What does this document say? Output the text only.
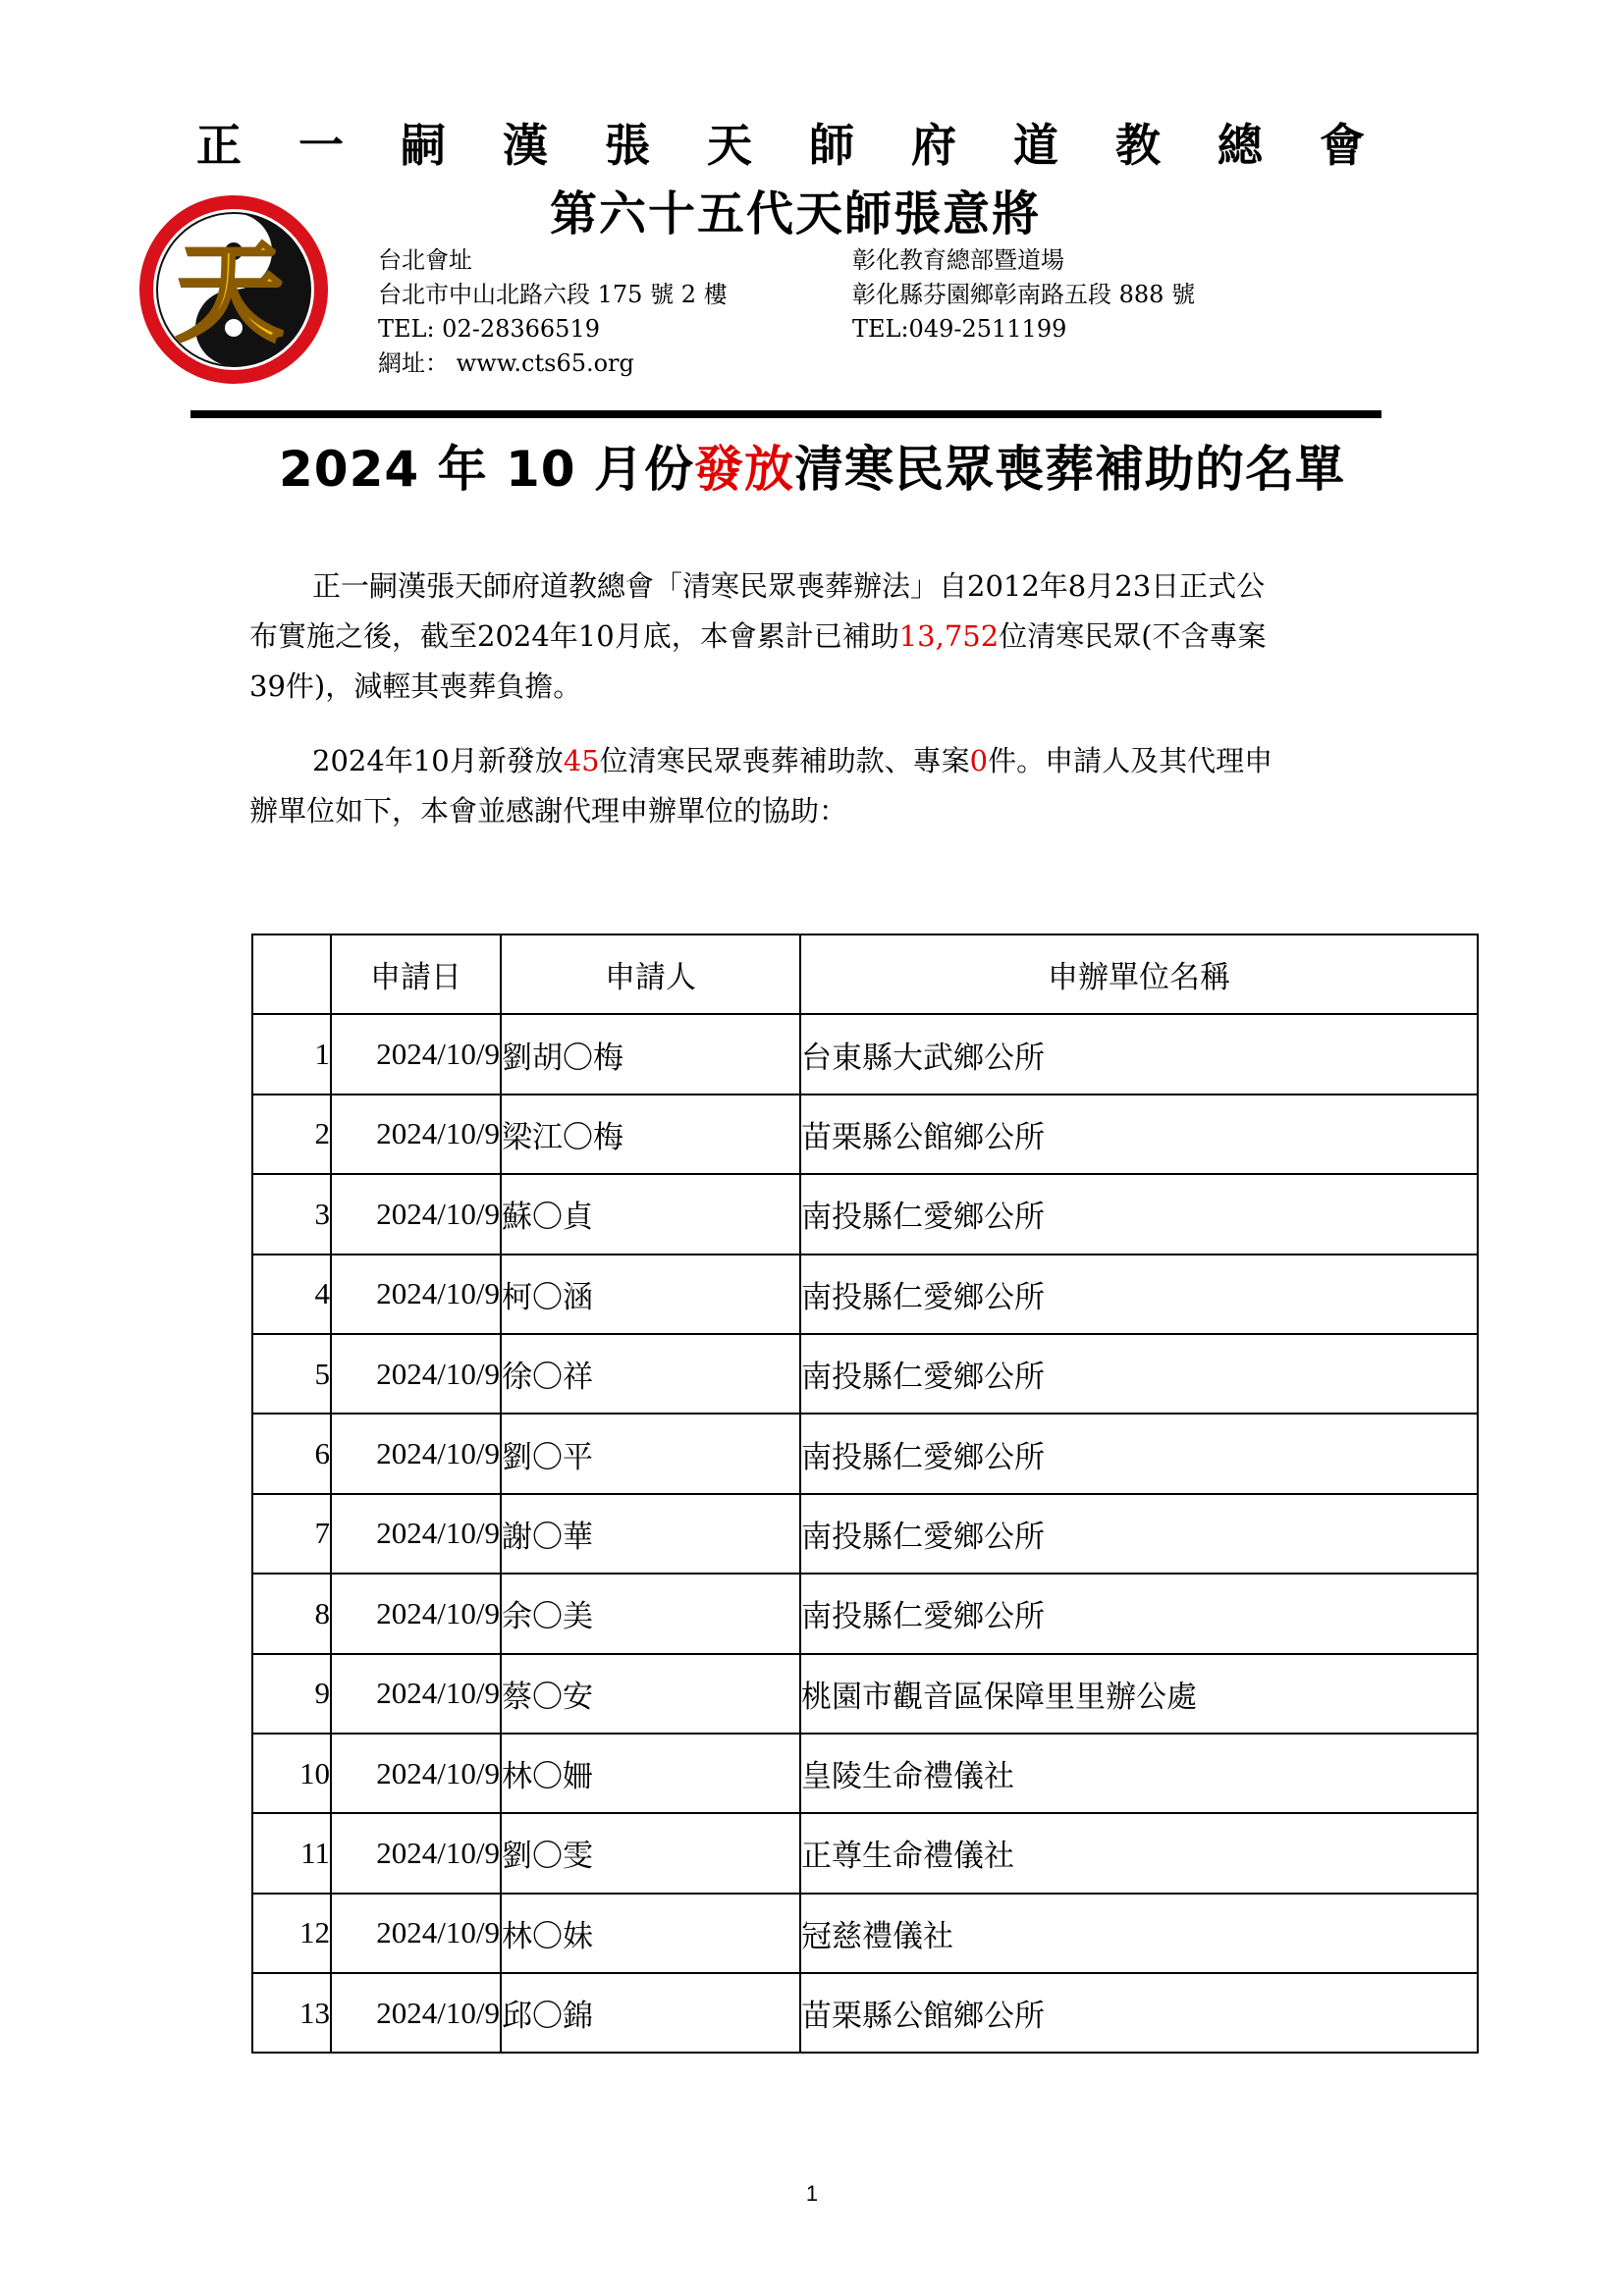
正 一 嗣 漢 張 天 師 府 道 教 總 會
第六十五代天師張意將
天	台北會址
台北市中山北路六段 175 號 2 樓
TEL: 02-28366519
網址： www.cts65.org
彰化教育總部暨道場
彰化縣芬園鄉彰南路五段 888 號
TEL:049-2511199
2024 年 10 月份發放清寒民眾喪葬補助的名單
正一嗣漢張天師府道教總會「清寒民眾喪葬辦法」自2012年8月23日正式公
布實施之後，截至2024年10月底，本會累計已補助13,752位清寒民眾(不含專案
39件)，減輕其喪葬負擔。
2024年10月新發放45位清寒民眾喪葬補助款、專案0件。申請人及其代理申
辦單位如下，本會並感謝代理申辦單位的協助：
	申請日	申請人	申辦單位名稱
1	2024/10/9	劉胡〇梅	台東縣大武鄉公所
2	2024/10/9	梁江〇梅	苗栗縣公館鄉公所
3	2024/10/9	蘇〇貞	南投縣仁愛鄉公所
4	2024/10/9	柯〇涵	南投縣仁愛鄉公所
5	2024/10/9	徐〇祥	南投縣仁愛鄉公所
6	2024/10/9	劉〇平	南投縣仁愛鄉公所
7	2024/10/9	謝〇華	南投縣仁愛鄉公所
8	2024/10/9	余〇美	南投縣仁愛鄉公所
9	2024/10/9	蔡〇安	桃園市觀音區保障里里辦公處
10	2024/10/9	林〇姍	皇陵生命禮儀社
11	2024/10/9	劉〇雯	正尊生命禮儀社
12	2024/10/9	林〇妹	冠慈禮儀社
13	2024/10/9	邱〇錦	苗栗縣公館鄉公所
1
